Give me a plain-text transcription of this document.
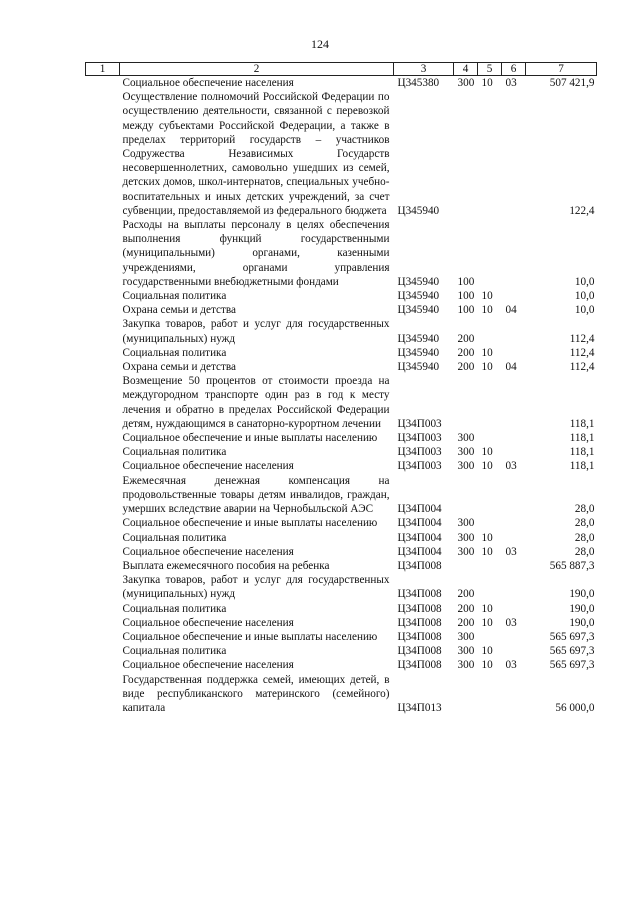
124
1	2	3	4	5	6	7
	Социальное обеспечение населения	Ц345380	300	10	03	507 421,9
	Осуществление полномочий Российской Федерации по осуществлению деятельности, связанной с перевозкой между субъектами Российской Федерации, а также в пределах территорий государств – участников Содружества Независимых Государств несовершеннолетних, самовольно ушедших из семей, детских домов, школ-интернатов, специальных учебно-воспитательных и иных детских учреждений, за счет субвенции, предоставляемой из федерального бюджета	Ц345940				122,4
	Расходы на выплаты персоналу в целях обеспечения выполнения функций государственными (муниципальными) органами, казенными учреждениями, органами управления государственными внебюджетными фондами	Ц345940	100			10,0
	Социальная политика	Ц345940	100	10		10,0
	Охрана семьи и детства	Ц345940	100	10	04	10,0
	Закупка товаров, работ и услуг для государственных (муниципальных) нужд	Ц345940	200			112,4
	Социальная политика	Ц345940	200	10		112,4
	Охрана семьи и детства	Ц345940	200	10	04	112,4
	Возмещение 50 процентов от стоимости проезда на междугородном транспорте один раз в год к месту лечения и обратно в пределах Российской Федерации детям, нуждающимся в санаторно-курортном лечении	Ц34П003				118,1
	Социальное обеспечение и иные выплаты населению	Ц34П003	300			118,1
	Социальная политика	Ц34П003	300	10		118,1
	Социальное обеспечение населения	Ц34П003	300	10	03	118,1
	Ежемесячная денежная компенсация на продовольственные товары детям инвалидов, граждан, умерших вследствие аварии на Чернобыльской АЭС	Ц34П004				28,0
	Социальное обеспечение и иные выплаты населению	Ц34П004	300			28,0
	Социальная политика	Ц34П004	300	10		28,0
	Социальное обеспечение населения	Ц34П004	300	10	03	28,0
	Выплата ежемесячного пособия на ребенка	Ц34П008				565 887,3
	Закупка товаров, работ и услуг для государственных (муниципальных) нужд	Ц34П008	200			190,0
	Социальная политика	Ц34П008	200	10		190,0
	Социальное обеспечение населения	Ц34П008	200	10	03	190,0
	Социальное обеспечение и иные выплаты населению	Ц34П008	300			565 697,3
	Социальная политика	Ц34П008	300	10		565 697,3
	Социальное обеспечение населения	Ц34П008	300	10	03	565 697,3
	Государственная поддержка семей, имеющих детей, в виде республиканского материнского (семейного) капитала	Ц34П013				56 000,0
